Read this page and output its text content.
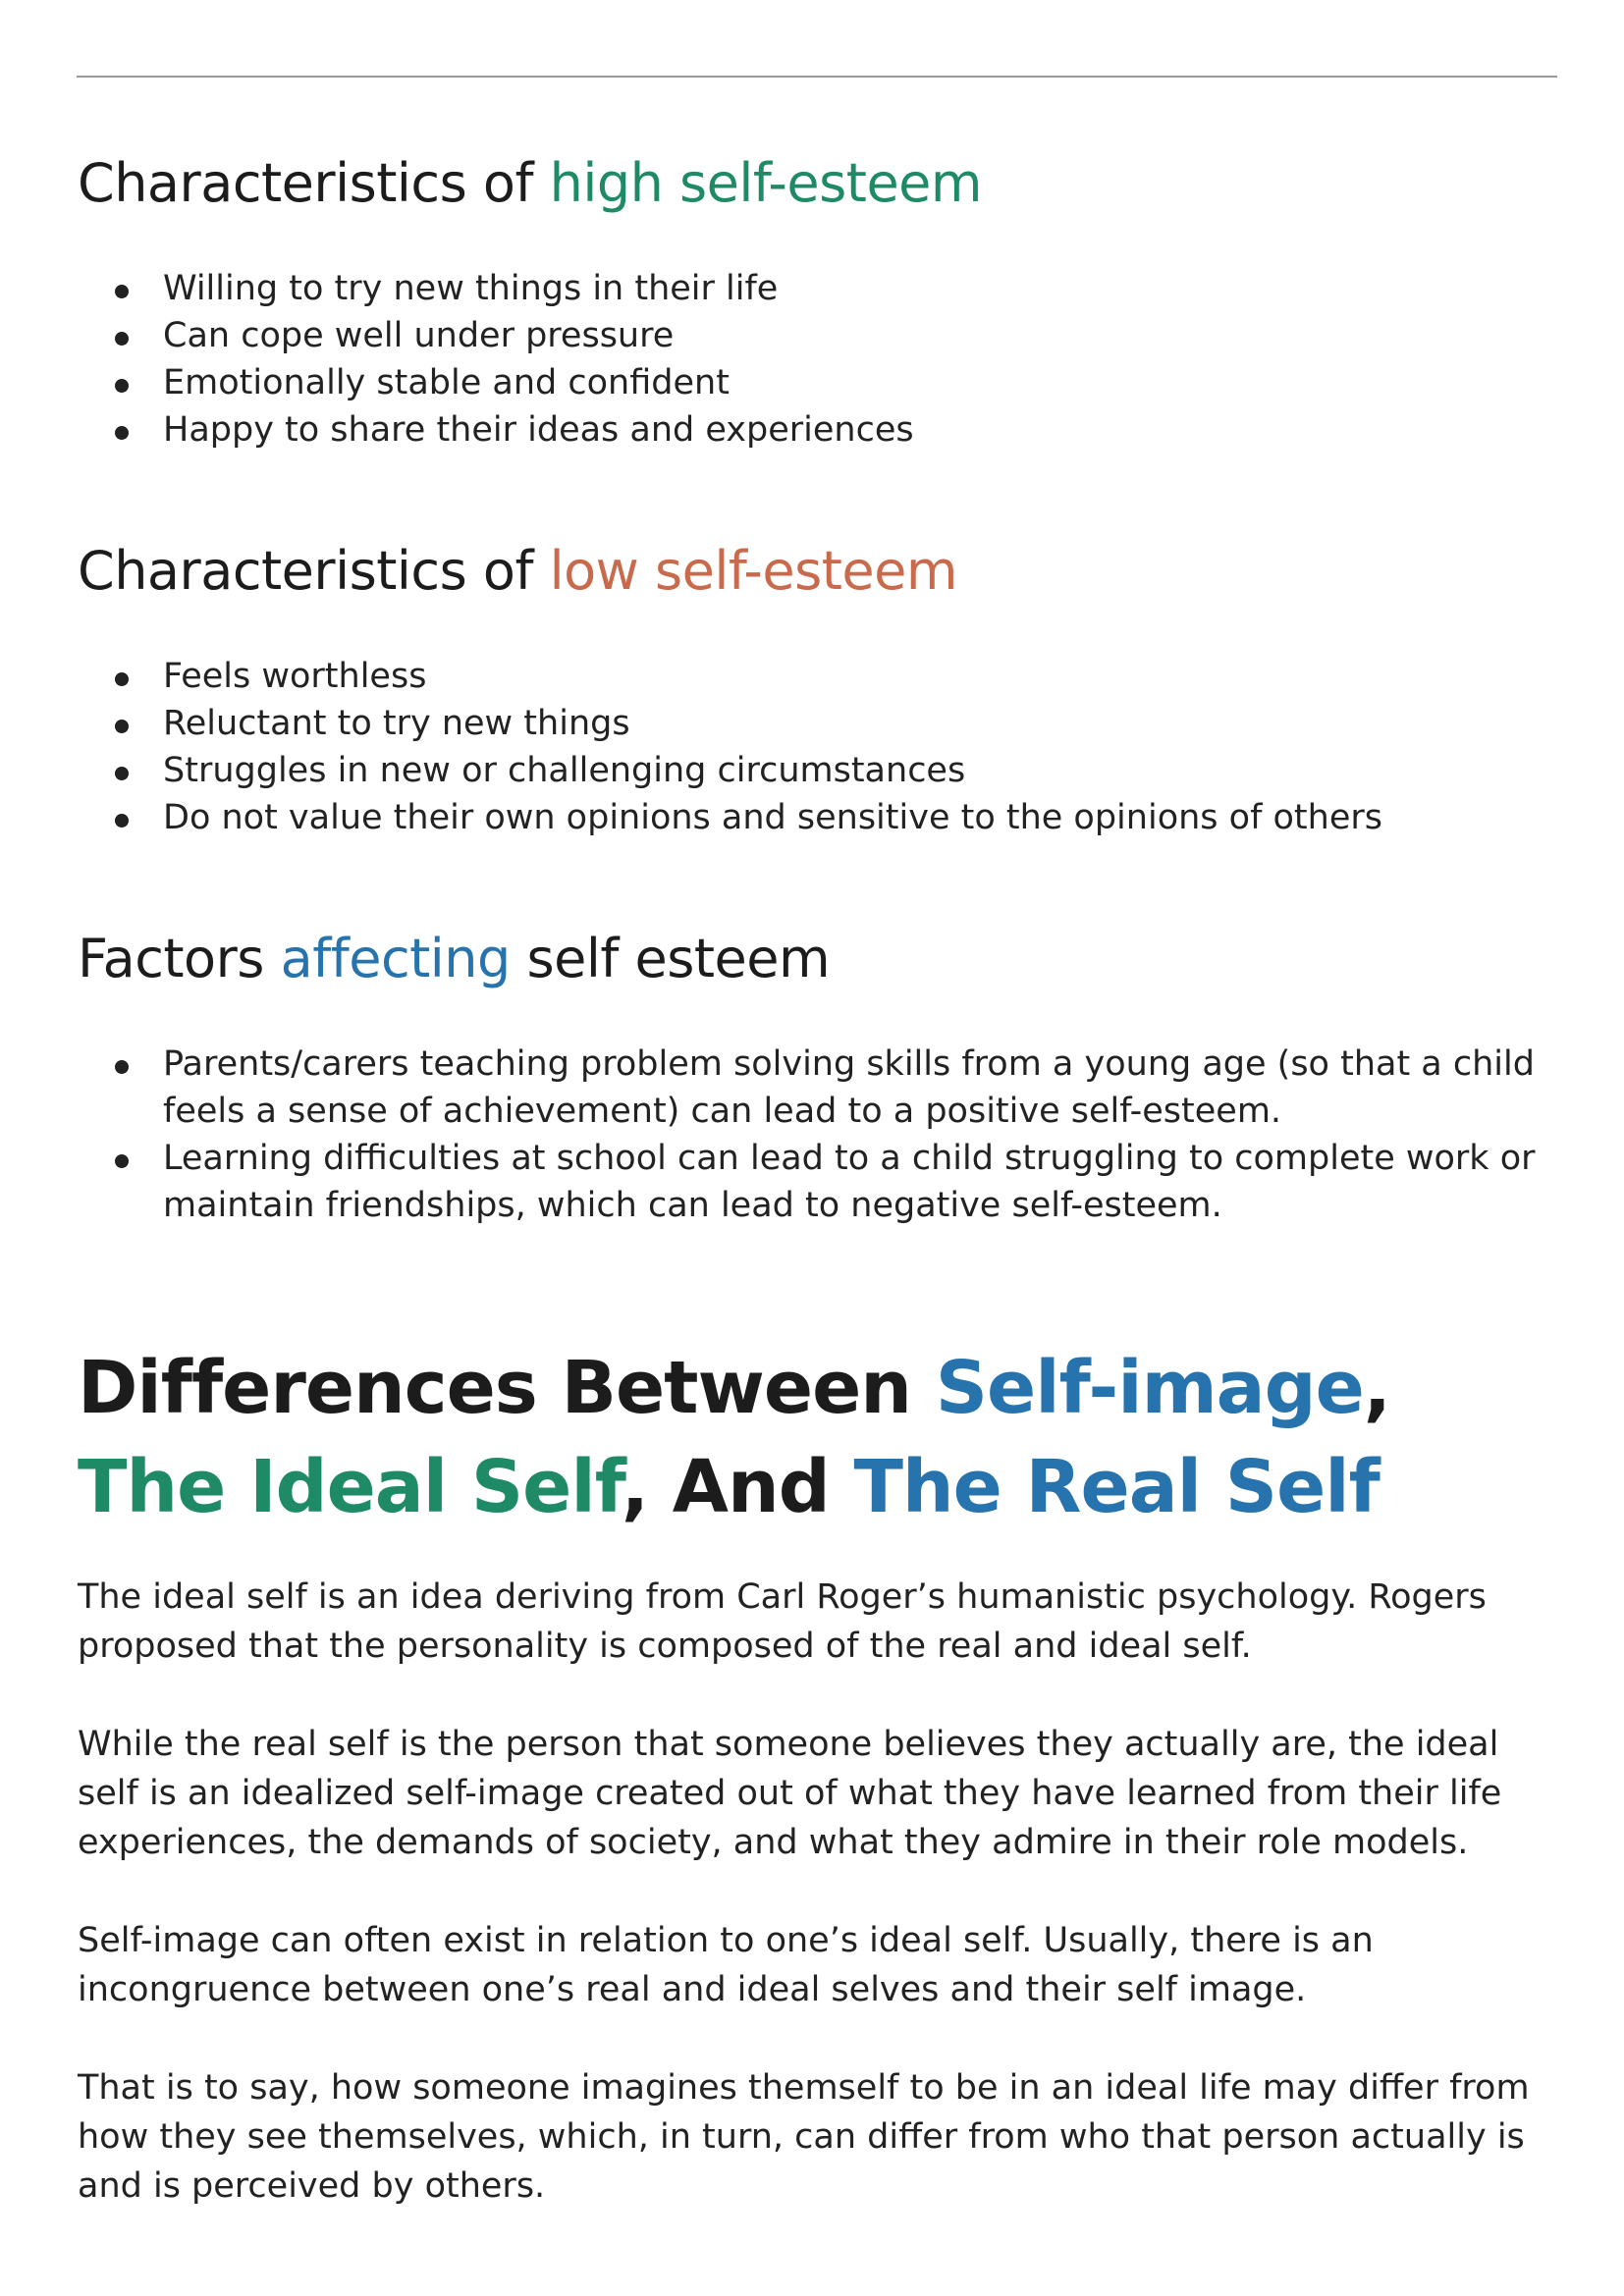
Characteristics of high self-esteem
Willing to try new things in their life
Can cope well under pressure
Emotionally stable and confident
Happy to share their ideas and experiences
Characteristics of low self-esteem
Feels worthless
Reluctant to try new things
Struggles in new or challenging circumstances
Do not value their own opinions and sensitive to the opinions of others
Factors affecting self esteem
Parents/carers teaching problem solving skills from a young age (so that a child feels a sense of achievement) can lead to a positive self-esteem.
Learning difficulties at school can lead to a child struggling to complete work or maintain friendships, which can lead to negative self-esteem.
Differences Between Self-image,
The Ideal Self, And The Real Self

The ideal self is an idea deriving from Carl Roger’s humanistic psychology. Rogers proposed that the personality is composed of the real and ideal self.

While the real self is the person that someone believes they actually are, the ideal self is an idealized self-image created out of what they have learned from their life experiences, the demands of society, and what they admire in their role models.

Self-image can often exist in relation to one’s ideal self. Usually, there is an incongruence between one’s real and ideal selves and their self image.

That is to say, how someone imagines themself to be in an ideal life may differ from how they see themselves, which, in turn, can differ from who that person actually is and is perceived by others.
